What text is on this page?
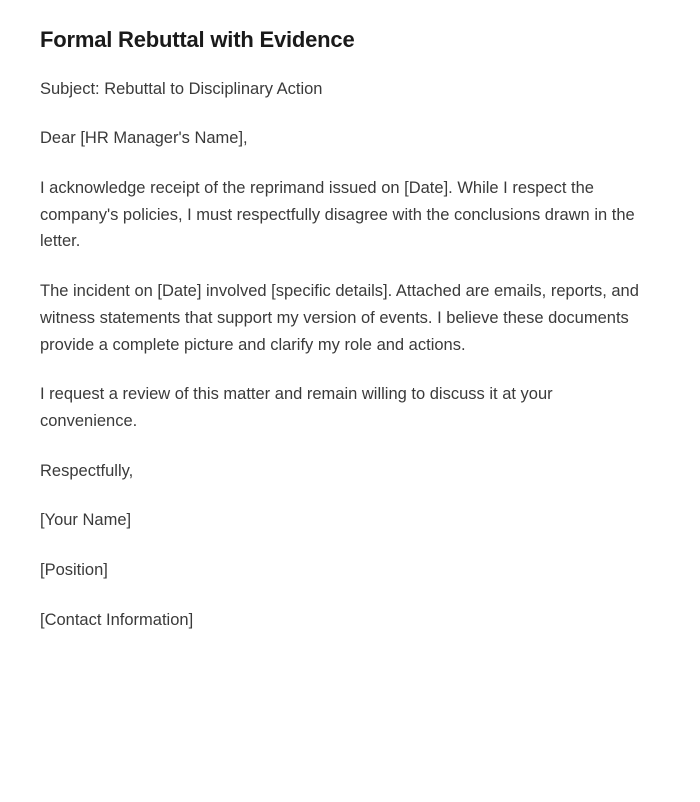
Formal Rebuttal with Evidence

Subject: Rebuttal to Disciplinary Action

Dear [HR Manager's Name],

I acknowledge receipt of the reprimand issued on [Date]. While I respect the company's policies, I must respectfully disagree with the conclusions drawn in the letter.

The incident on [Date] involved [specific details]. Attached are emails, reports, and witness statements that support my version of events. I believe these documents provide a complete picture and clarify my role and actions.

I request a review of this matter and remain willing to discuss it at your convenience.

Respectfully,

[Your Name]

[Position]

[Contact Information]
